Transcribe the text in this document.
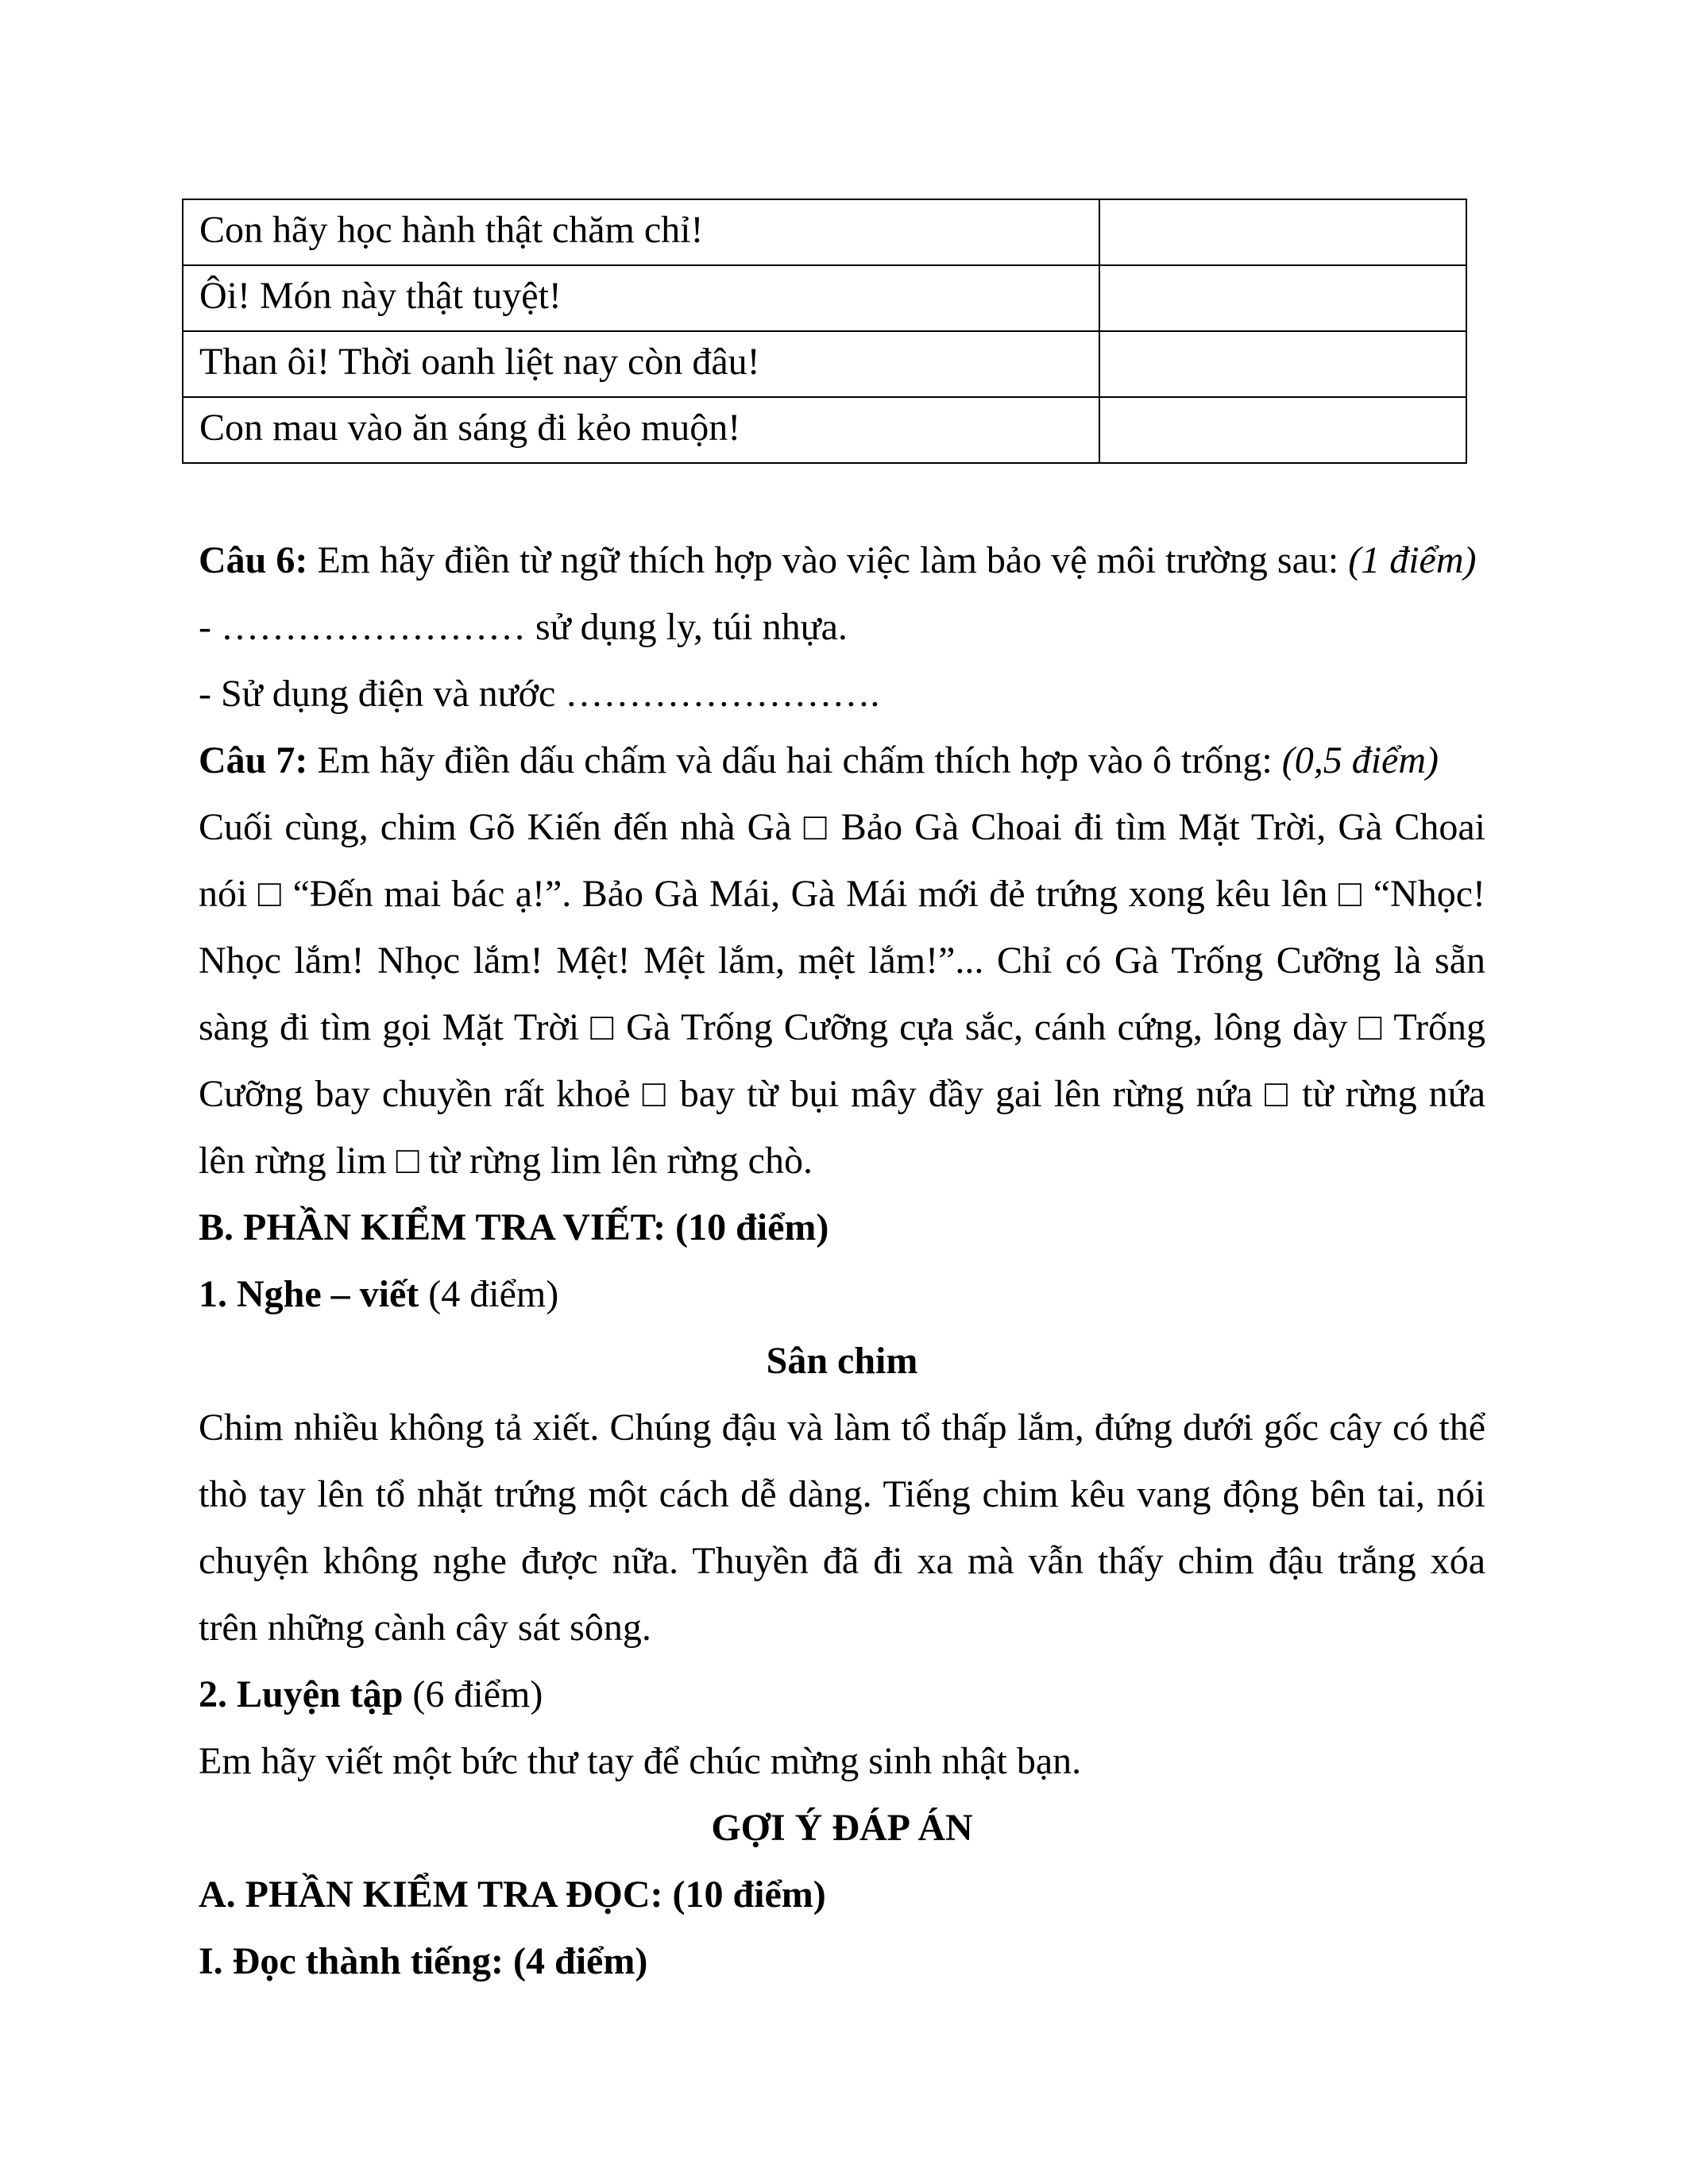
Con hãy học hành thật chăm chỉ!	
Ôi! Món này thật tuyệt!	
Than ôi! Thời oanh liệt nay còn đâu!	
Con mau vào ăn sáng đi kẻo muộn!	
Câu 6: Em hãy điền từ ngữ thích hợp vào việc làm bảo vệ môi trường sau: (1 điểm)
- …………………… sử dụng ly, túi nhựa.
- Sử dụng điện và nước …………………….
Câu 7: Em hãy điền dấu chấm và dấu hai chấm thích hợp vào ô trống: (0,5 điểm)
Cuối cùng, chim Gõ Kiến đến nhà Gà □ Bảo Gà Choai đi tìm Mặt Trời, Gà Choai
nói □ “Đến mai bác ạ!”. Bảo Gà Mái, Gà Mái mới đẻ trứng xong kêu lên □ “Nhọc!
Nhọc lắm! Nhọc lắm! Mệt! Mệt lắm, mệt lắm!”... Chỉ có Gà Trống Cưỡng là sẵn
sàng đi tìm gọi Mặt Trời □ Gà Trống Cưỡng cựa sắc, cánh cứng, lông dày □ Trống
Cưỡng bay chuyền rất khoẻ □ bay từ bụi mây đầy gai lên rừng nứa □ từ rừng nứa
lên rừng lim □ từ rừng lim lên rừng chò.
B. PHẦN KIỂM TRA VIẾT: (10 điểm)
1. Nghe – viết (4 điểm)
Sân chim
Chim nhiều không tả xiết. Chúng đậu và làm tổ thấp lắm, đứng dưới gốc cây có thể
thò tay lên tổ nhặt trứng một cách dễ dàng. Tiếng chim kêu vang động bên tai, nói
chuyện không nghe được nữa. Thuyền đã đi xa mà vẫn thấy chim đậu trắng xóa
trên những cành cây sát sông.
2. Luyện tập (6 điểm)
Em hãy viết một bức thư tay để chúc mừng sinh nhật bạn.
GỢI Ý ĐÁP ÁN
A. PHẦN KIỂM TRA ĐỌC: (10 điểm)
I. Đọc thành tiếng: (4 điểm)
